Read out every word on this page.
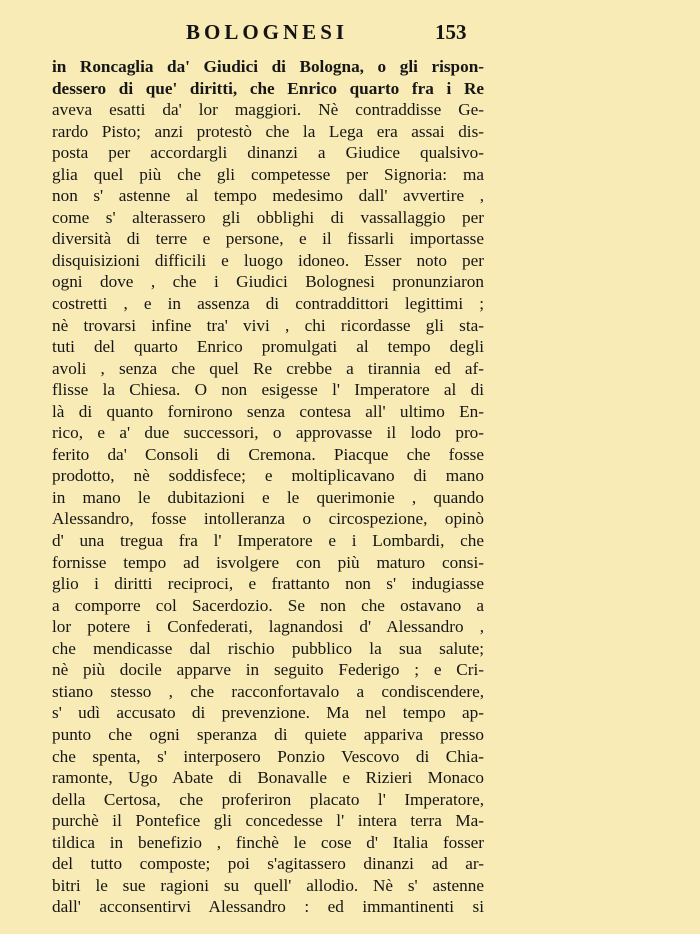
BOLOGNESI	153
in Roncaglia da' Giudici di Bologna, o gli rispon-
dessero di que' diritti, che Enrico quarto fra i Re
aveva esatti da' lor maggiori. Nè contraddisse Ge-
rardo Pisto; anzi protestò che la Lega era assai dis-
posta per accordargli dinanzi a Giudice qualsivo-
glia quel più che gli competesse per Signoria: ma
non s' astenne al tempo medesimo dall' avvertire ,
come s' alterassero gli obblighi di vassallaggio per
diversità di terre e persone, e il fissarli importasse
disquisizioni difficili e luogo idoneo. Esser noto per
ogni dove , che i Giudici Bolognesi pronunziaron
costretti , e in assenza di contraddittori legittimi ;
nè trovarsi infine tra' vivi , chi ricordasse gli sta-
tuti del quarto Enrico promulgati al tempo degli
avoli , senza che quel Re crebbe a tirannia ed af-
flisse la Chiesa. O non esigesse l' Imperatore al di
là di quanto fornirono senza contesa all' ultimo En-
rico, e a' due successori, o approvasse il lodo pro-
ferito da' Consoli di Cremona. Piacque che fosse
prodotto, nè soddisfece; e moltiplicavano di mano
in mano le dubitazioni e le querimonie , quando
Alessandro, fosse intolleranza o circospezione, opinò
d' una tregua fra l' Imperatore e i Lombardi, che
fornisse tempo ad isvolgere con più maturo consi-
glio i diritti reciproci, e frattanto non s' indugiasse
a comporre col Sacerdozio. Se non che ostavano a
lor potere i Confederati, lagnandosi d' Alessandro ,
che mendicasse dal rischio pubblico la sua salute;
nè più docile apparve in seguito Federigo ; e Cri-
stiano stesso , che racconfortavalo a condiscendere,
s' udì accusato di prevenzione. Ma nel tempo ap-
punto che ogni speranza di quiete appariva presso
che spenta, s' interposero Ponzio Vescovo di Chia-
ramonte, Ugo Abate di Bonavalle e Rizieri Monaco
della Certosa, che proferiron placato l' Imperatore,
purchè il Pontefice gli concedesse l' intera terra Ma-
tildica in benefizio , finchè le cose d' Italia fosser
del tutto composte; poi s'agitassero dinanzi ad ar-
bitri le sue ragioni su quell' allodio. Nè s' astenne
dall' acconsentirvi Alessandro : ed immantinenti si
